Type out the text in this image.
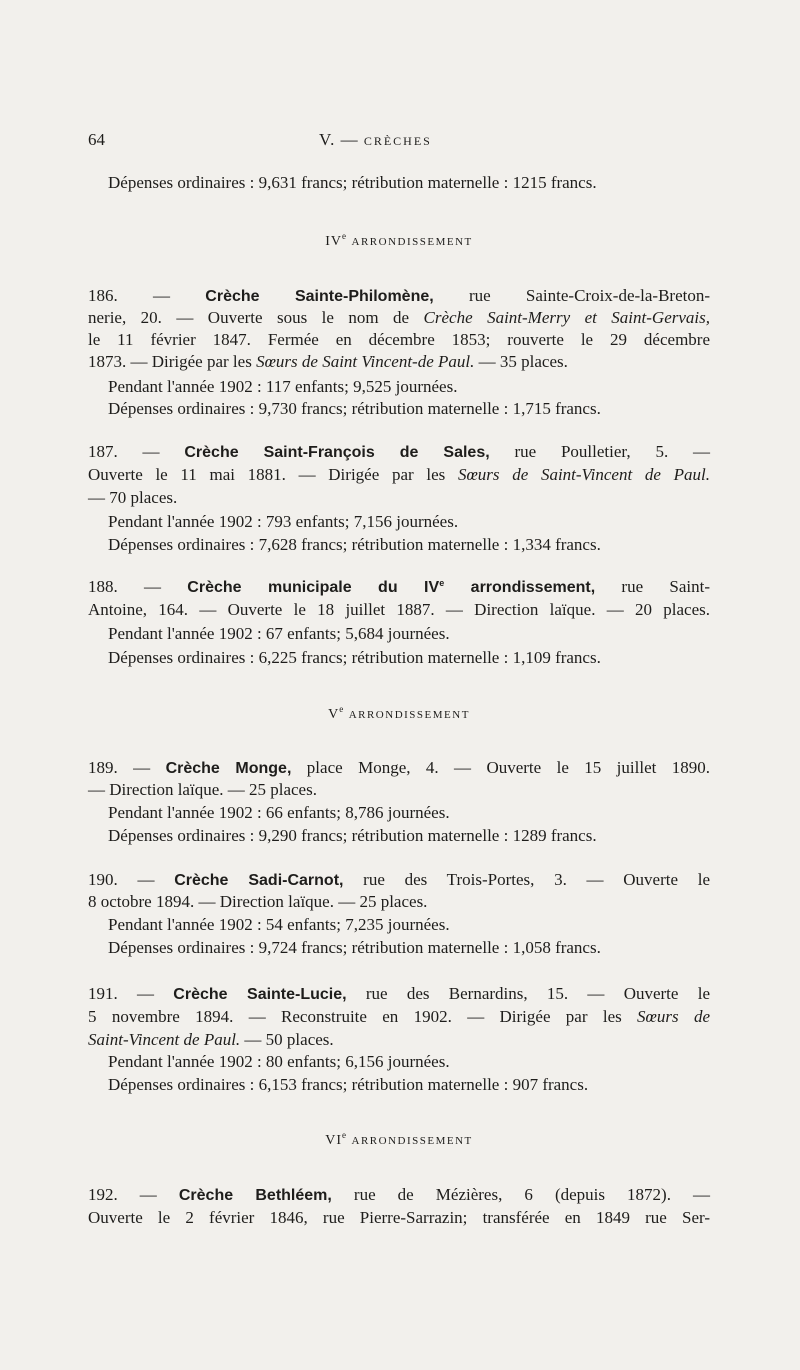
64	V. — CRÈCHES

Dépenses ordinaires : 9,631 francs; rétribution maternelle : 1215 francs.

IVe ARRONDISSEMENT

186. — Crèche Sainte-Philomène, rue Sainte-Croix-de-la-Breton-

nerie, 20. — Ouverte sous le nom de Crèche Saint-Merry et Saint-Gervais,

le 11 février 1847. Fermée en décembre 1853; rouverte le 29 décembre

1873. — Dirigée par les Sœurs de Saint Vincent-de Paul. — 35 places.

Pendant l'année 1902 : 117 enfants; 9,525 journées.

Dépenses ordinaires : 9,730 francs; rétribution maternelle : 1,715 francs.

187. — Crèche Saint-François de Sales, rue Poulletier, 5. —

Ouverte le 11 mai 1881. — Dirigée par les Sœurs de Saint-Vincent de Paul.

— 70 places.

Pendant l'année 1902 : 793 enfants; 7,156 journées.

Dépenses ordinaires : 7,628 francs; rétribution maternelle : 1,334 francs.

188. — Crèche municipale du IVe arrondissement, rue Saint-

Antoine, 164. — Ouverte le 18 juillet 1887. — Direction laïque. — 20 places.

Pendant l'année 1902 : 67 enfants; 5,684 journées.

Dépenses ordinaires : 6,225 francs; rétribution maternelle : 1,109 francs.

Ve ARRONDISSEMENT

189. — Crèche Monge, place Monge, 4. — Ouverte le 15 juillet 1890.

— Direction laïque. — 25 places.

Pendant l'année 1902 : 66 enfants; 8,786 journées.

Dépenses ordinaires : 9,290 francs; rétribution maternelle : 1289 francs.

190. — Crèche Sadi-Carnot, rue des Trois-Portes, 3. — Ouverte le

8 octobre 1894. — Direction laïque. — 25 places.

Pendant l'année 1902 : 54 enfants; 7,235 journées.

Dépenses ordinaires : 9,724 francs; rétribution maternelle : 1,058 francs.

191. — Crèche Sainte-Lucie, rue des Bernardins, 15. — Ouverte le

5 novembre 1894. — Reconstruite en 1902. — Dirigée par les Sœurs de

Saint-Vincent de Paul. — 50 places.

Pendant l'année 1902 : 80 enfants; 6,156 journées.

Dépenses ordinaires : 6,153 francs; rétribution maternelle : 907 francs.

VIe ARRONDISSEMENT

192. — Crèche Bethléem, rue de Mézières, 6 (depuis 1872). —

Ouverte le 2 février 1846, rue Pierre-Sarrazin; transférée en 1849 rue Ser-
